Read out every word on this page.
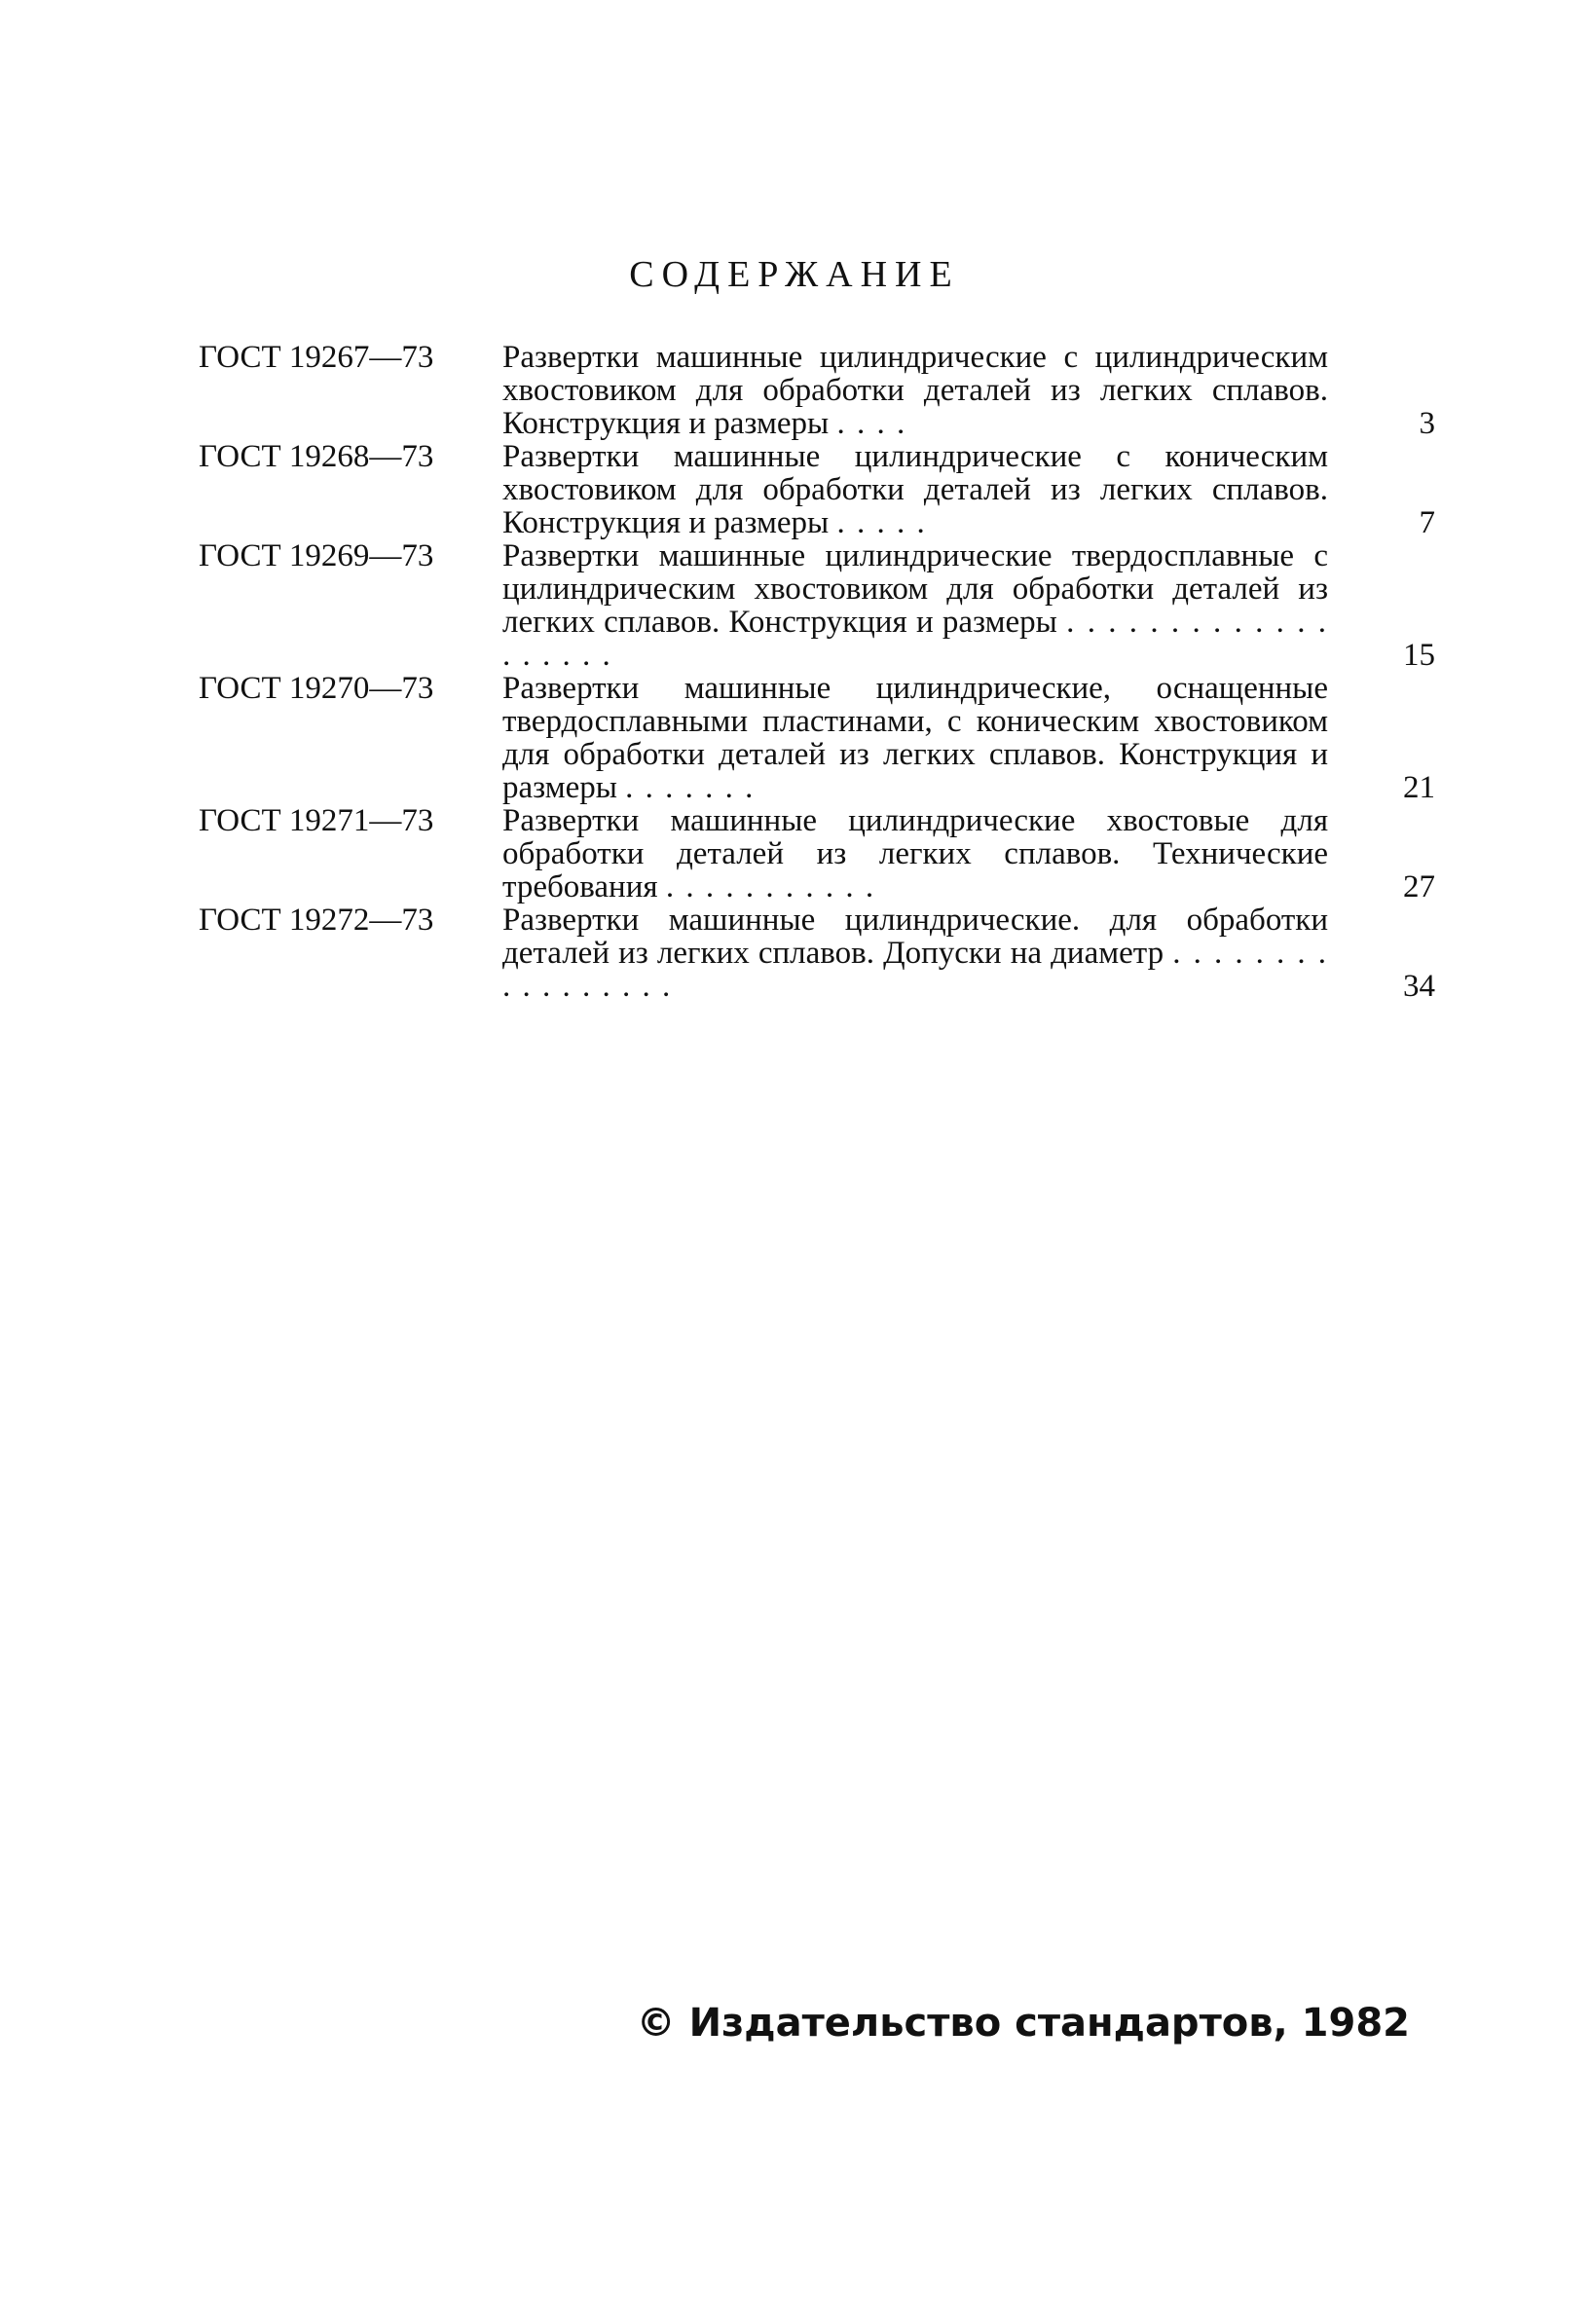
СОДЕРЖАНИЕ
ГОСТ 19267—73 Развертки машинные цилиндрические с цилиндрическим хвостовиком для обработки деталей из легких сплавов. Конструкция и размеры . . . .	3
ГОСТ 19268—73 Развертки машинные цилиндрические с коническим хвостовиком для обработки деталей из легких сплавов. Конструкция и размеры . . . . .	7
ГОСТ 19269—73 Развертки машинные цилиндрические твердосплавные с цилиндрическим хвостовиком для обработки деталей из легких сплавов. Конструкция и размеры . . . . . . . . . . . . . . . . . . .	15
ГОСТ 19270—73 Развертки машинные цилиндрические, оснащенные твердосплавными пластинами, с коническим хвостовиком для обработки деталей из легких сплавов. Конструкция и размеры . . . . . . .	21
ГОСТ 19271—73 Развертки машинные цилиндрические хвостовые для обработки деталей из легких сплавов. Технические требования . . . . . . . . . . .	27
ГОСТ 19272—73 Развертки машинные цилиндрические. для обработки деталей из легких сплавов. Допуски на диаметр . . . . . . . . . . . . . . . . .	34
© Издательство стандартов, 1982
